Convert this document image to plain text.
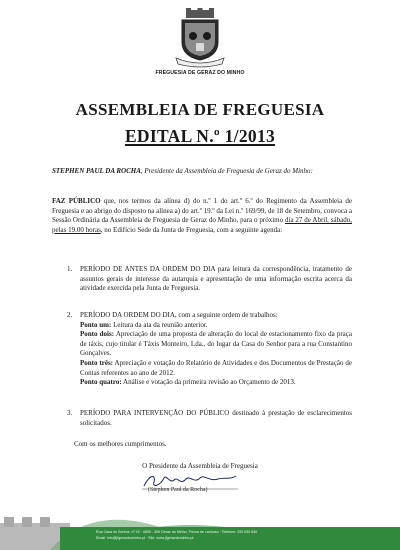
FREGUESIA DE GERAZ DO MINHO
ASSEMBLEIA DE FREGUESIA
EDITAL N.º 1/2013
STEPHEN PAUL DA ROCHA, Presidente da Assembleia de Freguesia de Geraz do Minho:
FAZ PÚBLICO que, nos termos da alínea d) do n.º 1 do art.º 6.º do Regimento da Assembleia de Freguesia e ao abrigo do disposto na alínea a) do art.º 19.º da Lei n.º 169/99, de 18 de Setembro, convoca a Sessão Ordinária da Assembleia de Freguesia de Geraz do Minho, para o próximo dia 27 de Abril, sábado, pelas 19.00 horas, no Edifício Sede da Junta de Freguesia, com a seguinte agenda:
1. PERÍODO DE ANTES DA ORDEM DO DIA para leitura da correspondência, tratamento de assuntos gerais de interesse da autarquia e apresentação de uma informação escrita acerca da atividade exercida pela Junta de Freguesia.
2. PERÍODO DA ORDEM DO DIA, com a seguinte ordem de trabalhos:
Ponto um: Leitura da ata da reunião anterior.
Ponto dois: Apreciação de uma proposta de alteração do local de estacionamento fixo da praça de táxis, cujo titular é Táxis Monteiro, Lda., do lugar da Casa do Senhor para a rua Constantino Gonçalves.
Ponto três: Apreciação e votação do Relatório de Atividades e dos Documentos de Prestação de Contas referentes ao ano de 2012.
Ponto quatro: Análise e votação da primeira revisão ao Orçamento de 2013.
3. PERÍODO PARA INTERVENÇÃO DO PÚBLICO destinado à prestação de esclarecimentos solicitados.
Com os melhores cumprimentos.
O Presidente da Assembleia de Freguesia
(Stephen Paul da Rocha)
Rua Casa do Senhor, nº 43 · 4830 - 306 Geraz do Minho, Póvoa de Lanhoso · Telefone: 253 635 840
Email: info@jfgerazdominho.pt · Site: www.jfgerazdominho.pt
